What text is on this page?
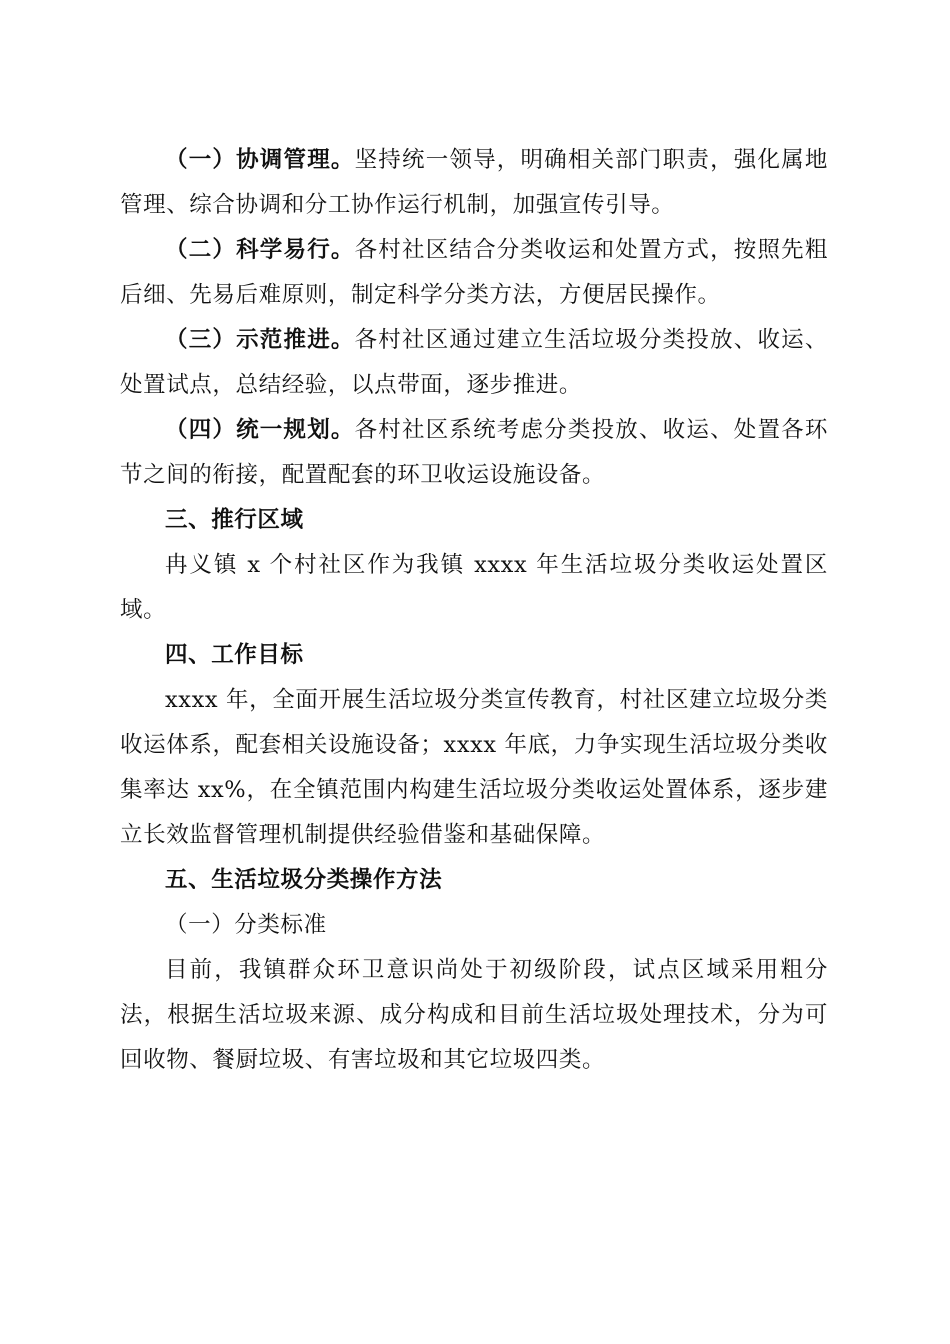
（一）协调管理。坚持统一领导，明确相关部门职责，强化属地管理、综合协调和分工协作运行机制，加强宣传引导。

（二）科学易行。各村社区结合分类收运和处置方式，按照先粗后细、先易后难原则，制定科学分类方法，方便居民操作。

（三）示范推进。各村社区通过建立生活垃圾分类投放、收运、处置试点，总结经验，以点带面，逐步推进。

（四）统一规划。各村社区系统考虑分类投放、收运、处置各环节之间的衔接，配置配套的环卫收运设施设备。

三、推行区域

冉义镇 x 个村社区作为我镇 xxxx 年生活垃圾分类收运处置区域。

四、工作目标

xxxx 年，全面开展生活垃圾分类宣传教育，村社区建立垃圾分类收运体系，配套相关设施设备；xxxx 年底，力争实现生活垃圾分类收集率达 xx%，在全镇范围内构建生活垃圾分类收运处置体系，逐步建立长效监督管理机制提供经验借鉴和基础保障。

五、生活垃圾分类操作方法

（一）分类标准

目前，我镇群众环卫意识尚处于初级阶段，试点区域采用粗分法，根据生活垃圾来源、成分构成和目前生活垃圾处理技术，分为可回收物、餐厨垃圾、有害垃圾和其它垃圾四类。
